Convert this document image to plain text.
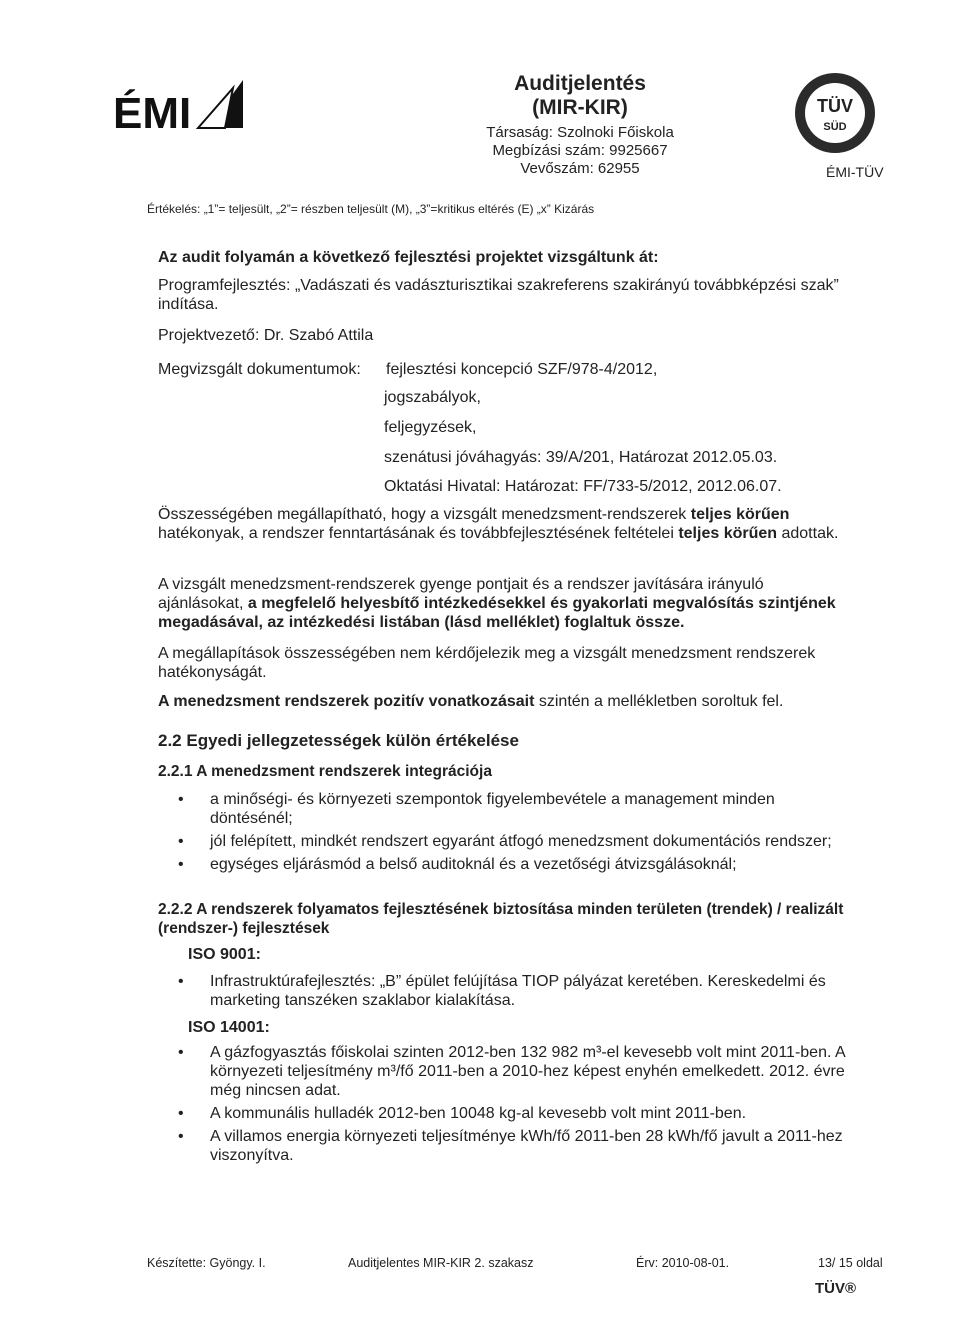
ÉMI
Auditjelentés
(MIR-KIR)
Társaság: Szolnoki Főiskola
Megbízási szám: 9925667
Vevőszám: 62955
TÜV
SÜD
ÉMI-TÜV
Értékelés: „1”= teljesült, „2”= részben teljesült (M), „3”=kritikus eltérés (E) „x” Kizárás
Az audit folyamán a következő fejlesztési projektet vizsgáltunk át:
Programfejlesztés: „Vadászati és vadászturisztikai szakreferens szakirányú továbbképzési szak” indítása.
Projektvezető: Dr. Szabó Attila
Megvizsgált dokumentumok:	fejlesztési koncepció SZF/978-4/2012,
jogszabályok,
feljegyzések,
szenátusi jóváhagyás: 39/A/201, Határozat 2012.05.03.
Oktatási Hivatal: Határozat: FF/733-5/2012, 2012.06.07.
Összességében megállapítható, hogy a vizsgált menedzsment-rendszerek teljes körűen hatékonyak, a rendszer fenntartásának és továbbfejlesztésének feltételei teljes körűen adottak.
A vizsgált menedzsment-rendszerek gyenge pontjait és a rendszer javítására irányuló ajánlásokat, a megfelelő helyesbítő intézkedésekkel és gyakorlati megvalósítás szintjének megadásával, az intézkedési listában (lásd melléklet) foglaltuk össze.
A megállapítások összességében nem kérdőjelezik meg a vizsgált menedzsment rendszerek hatékonyságát.
A menedzsment rendszerek pozitív vonatkozásait szintén a mellékletben soroltuk fel.
2.2 Egyedi jellegzetességek külön értékelése
2.2.1 A menedzsment rendszerek integrációja
• a minőségi- és környezeti szempontok figyelembevétele a management minden döntésénél;
• jól felépített, mindkét rendszert egyaránt átfogó menedzsment dokumentációs rendszer;
• egységes eljárásmód a belső auditoknál és a vezetőségi átvizsgálásoknál;
2.2.2 A rendszerek folyamatos fejlesztésének biztosítása minden területen (trendek) / realizált (rendszer-) fejlesztések
ISO 9001:
• Infrastruktúrafejlesztés: „B” épület felújítása TIOP pályázat keretében. Kereskedelmi és marketing tanszéken szaklabor kialakítása.
ISO 14001:
• A gázfogyasztás főiskolai szinten 2012-ben 132 982 m³-el kevesebb volt mint 2011-ben. A környezeti teljesítmény m³/fő 2011-ben a 2010-hez képest enyhén emelkedett. 2012. évre még nincsen adat.
• A kommunális hulladék 2012-ben 10048 kg-al kevesebb volt mint 2011-ben.
• A villamos energia környezeti teljesítménye kWh/fő 2011-ben 28 kWh/fő javult a 2011-hez viszonyítva.
Készítette: Gyöngy. I.	Auditjelentes MIR-KIR 2. szakasz	Érv: 2010-08-01.	13/ 15 oldal
TÜV®
